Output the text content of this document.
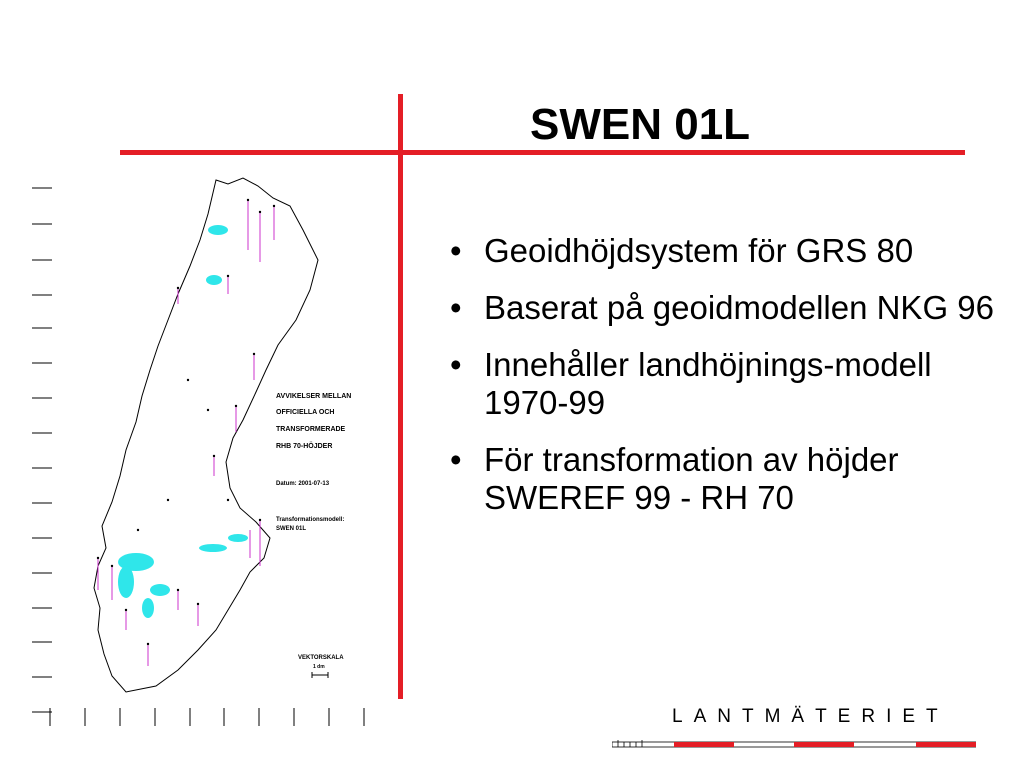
SWEN 01L
• Geoidhöjdsystem för GRS 80
• Baserat på geoidmodellen NKG 96
• Innehåller landhöjnings-modell 1970-99
• För transformation av höjder SWEREF 99 - RH 70
AVVIKELSER MELLAN
OFFICIELLA OCH
TRANSFORMERADE
RHB 70-HÖJDER
Datum: 2001-07-13
Transformationsmodell:
SWEN 01L
VEKTORSKALA
1 dm
LANTMÄTERIET
